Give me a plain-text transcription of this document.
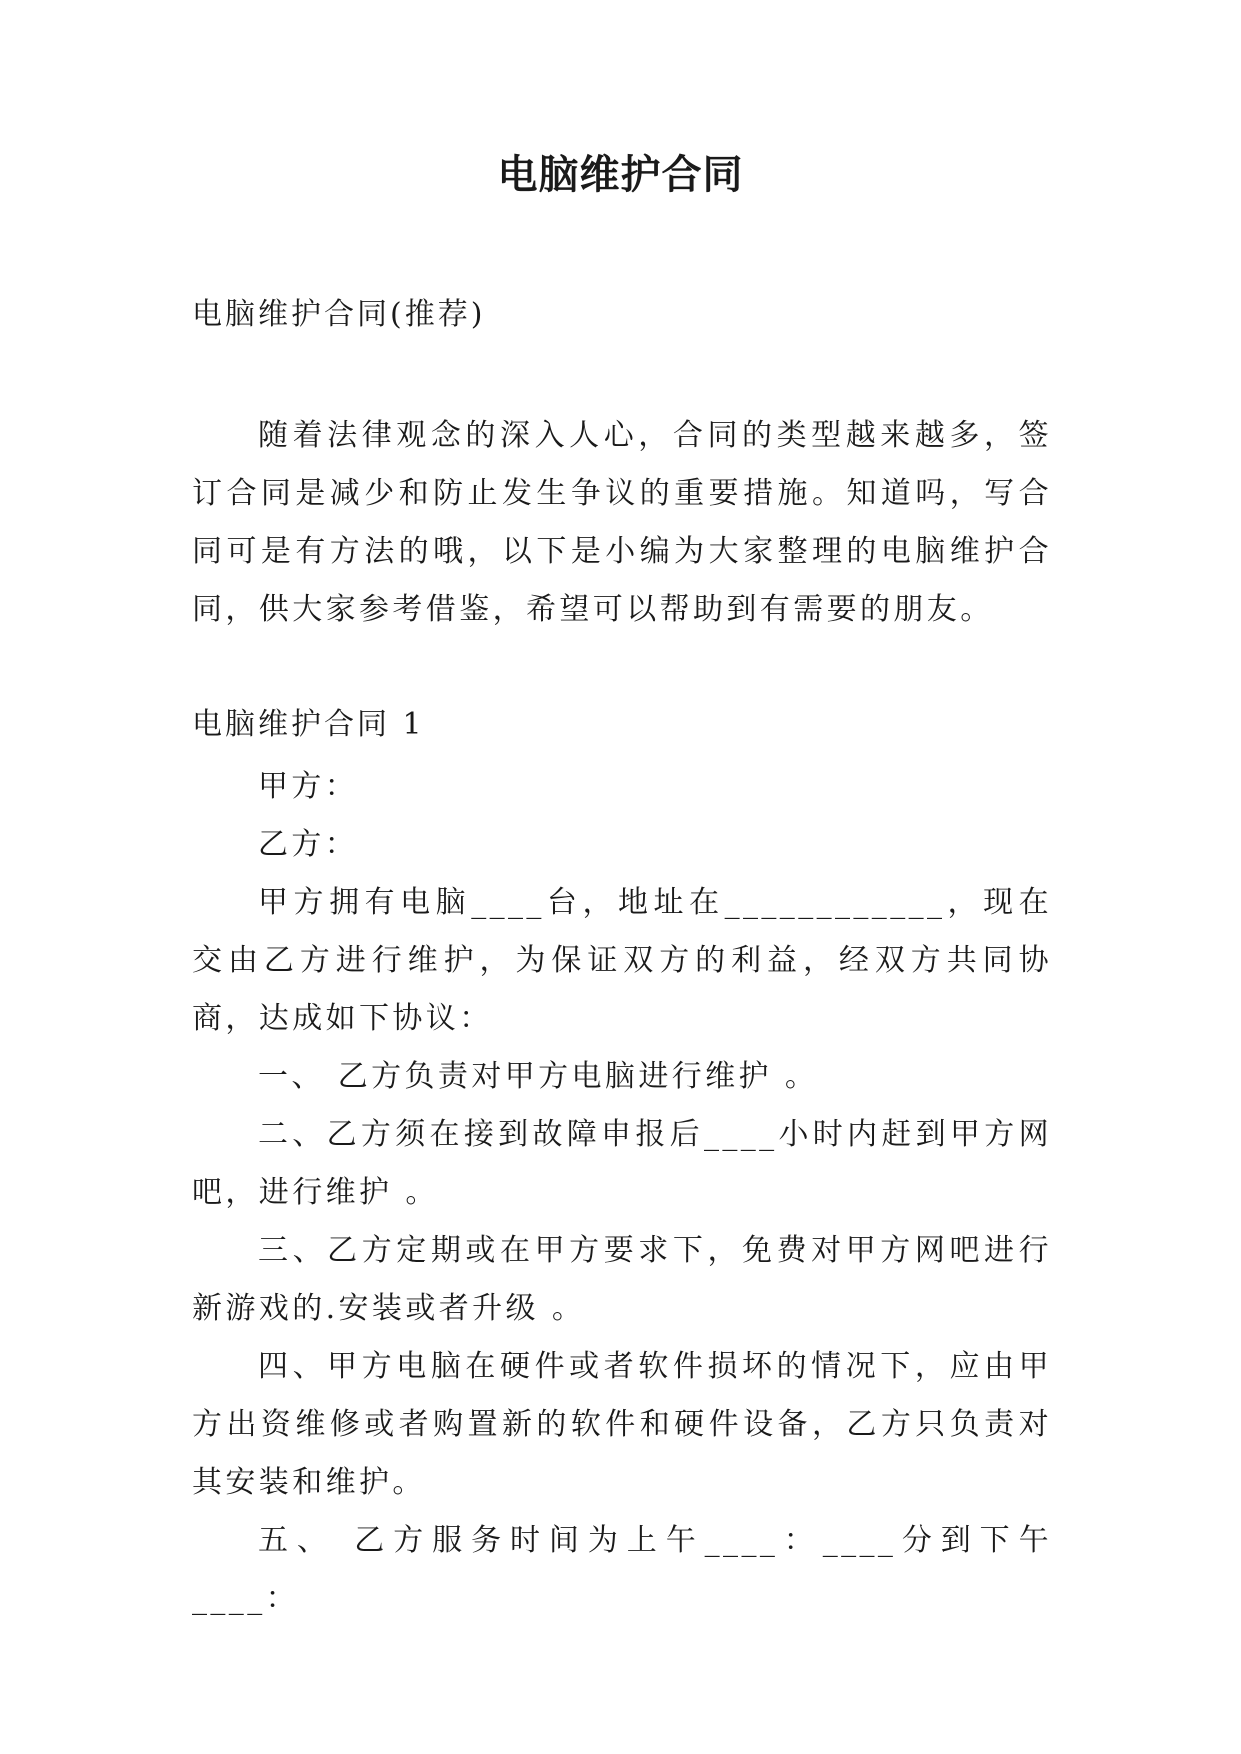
电脑维护合同
电脑维护合同(推荐)

随着法律观念的深入人心，合同的类型越来越多，签订合同是减少和防止发生争议的重要措施。知道吗，写合同可是有方法的哦，以下是小编为大家整理的电脑维护合同，供大家参考借鉴，希望可以帮助到有需要的朋友。

电脑维护合同 1

甲方：

乙方：

甲方拥有电脑____台，地址在____________，现在交由乙方进行维护，为保证双方的利益，经双方共同协商，达成如下协议：

一、 乙方负责对甲方电脑进行维护 。

二、乙方须在接到故障申报后____小时内赶到甲方网吧，进行维护 。

三、乙方定期或在甲方要求下，免费对甲方网吧进行新游戏的.安装或者升级 。

四、甲方电脑在硬件或者软件损坏的情况下，应由甲方出资维修或者购置新的软件和硬件设备，乙方只负责对其安装和维护。

五、 乙方服务时间为上午____：____分到下午____：
